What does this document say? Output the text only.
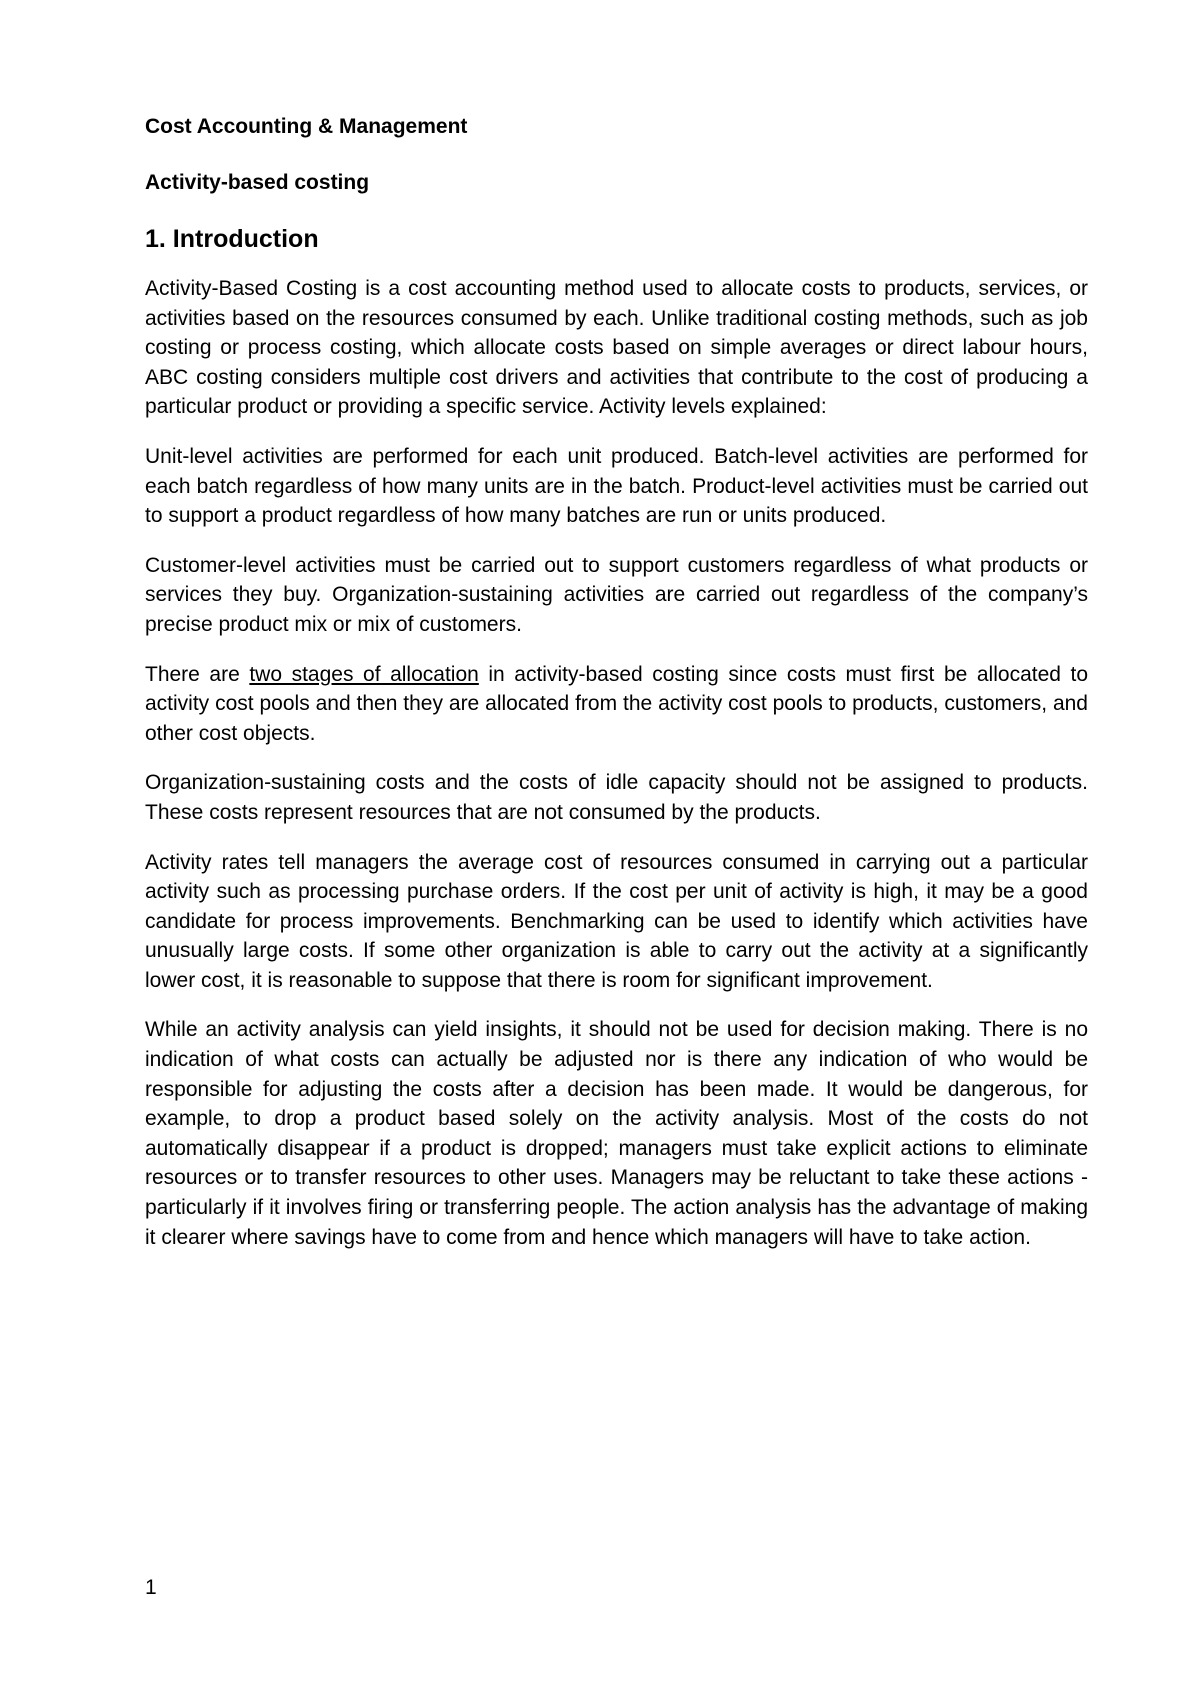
Cost Accounting & Management

Activity-based costing

1. Introduction

Activity-Based Costing is a cost accounting method used to allocate costs to products, services, or activities based on the resources consumed by each. Unlike traditional costing methods, such as job costing or process costing, which allocate costs based on simple averages or direct labour hours, ABC costing considers multiple cost drivers and activities that contribute to the cost of producing a particular product or providing a specific service. Activity levels explained:

Unit-level activities are performed for each unit produced. Batch-level activities are performed for each batch regardless of how many units are in the batch. Product-level activities must be carried out to support a product regardless of how many batches are run or units produced.

Customer-level activities must be carried out to support customers regardless of what products or services they buy. Organization-sustaining activities are carried out regardless of the company’s precise product mix or mix of customers.

There are two stages of allocation in activity-based costing since costs must first be allocated to activity cost pools and then they are allocated from the activity cost pools to products, customers, and other cost objects.

Organization-sustaining costs and the costs of idle capacity should not be assigned to products. These costs represent resources that are not consumed by the products.

Activity rates tell managers the average cost of resources consumed in carrying out a particular activity such as processing purchase orders. If the cost per unit of activity is high, it may be a good candidate for process improvements. Benchmarking can be used to identify which activities have unusually large costs. If some other organization is able to carry out the activity at a significantly lower cost, it is reasonable to suppose that there is room for significant improvement.

While an activity analysis can yield insights, it should not be used for decision making. There is no indication of what costs can actually be adjusted nor is there any indication of who would be responsible for adjusting the costs after a decision has been made. It would be dangerous, for example, to drop a product based solely on the activity analysis. Most of the costs do not automatically disappear if a product is dropped; managers must take explicit actions to eliminate resources or to transfer resources to other uses. Managers may be reluctant to take these actions - particularly if it involves firing or transferring people. The action analysis has the advantage of making it clearer where savings have to come from and hence which managers will have to take action.

1
